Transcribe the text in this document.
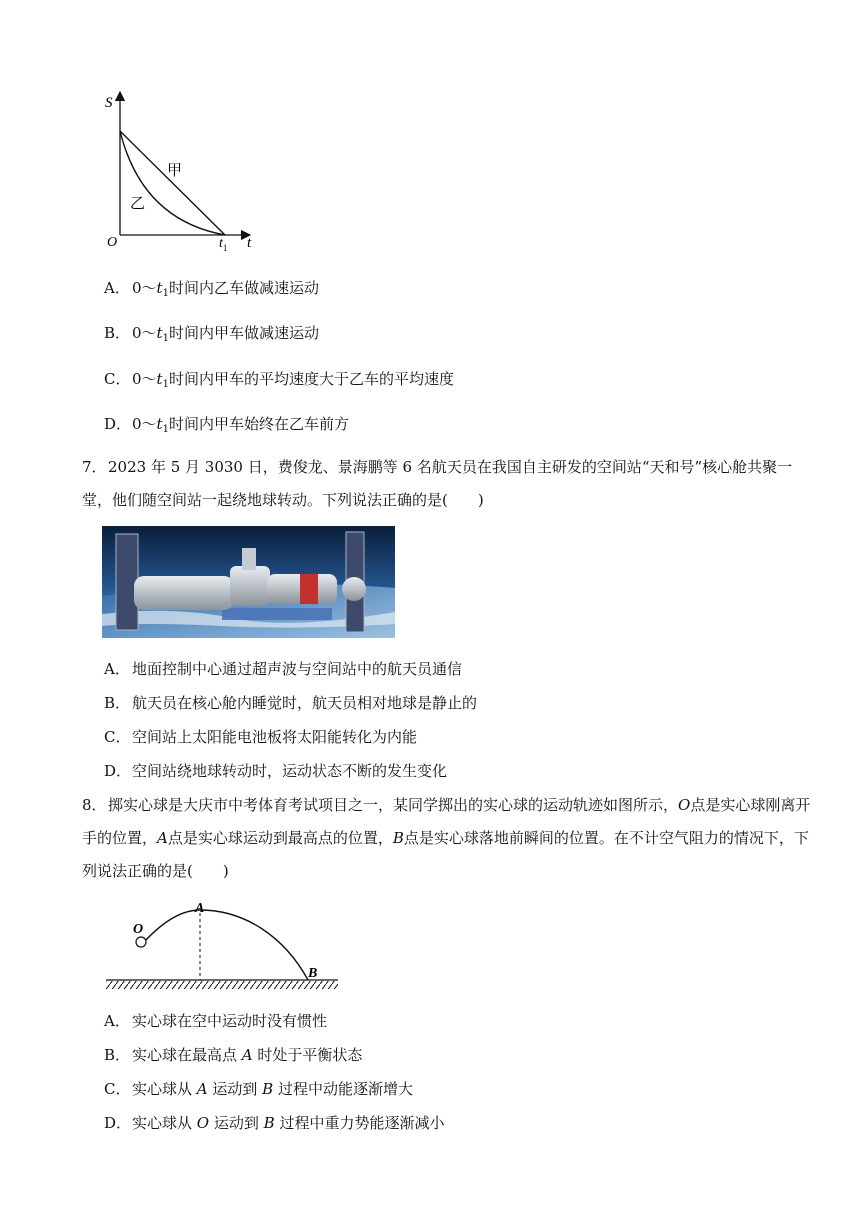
S
O	t
$t_1$
甲
乙
A． $0\sim t_1$时间内乙车做减速运动
B． $0\sim t_1$时间内甲车做减速运动
C． $0\sim t_1$时间内甲车的平均速度大于乙车的平均速度
D．$0\sim t_1$时间内甲车始终在乙车前方
7．2023 年 5 月 3030 日，费俊龙、景海鹏等 6 名航天员在我国自主研发的空间站“天和号”核心舱共聚一堂，他们随空间站一起绕地球转动。下列说法正确的是(　　)
A． 地面控制中心通过超声波与空间站中的航天员通信
B． 航天员在核心舱内睡觉时，航天员相对地球是静止的
C． 空间站上太阳能电池板将太阳能转化为内能
D．空间站绕地球转动时，运动状态不断的发生变化
8．掷实心球是大庆市中考体育考试项目之一，某同学掷出的实心球的运动轨迹如图所示，O点是实心球刚离开手的位置，A点是实心球运动到最高点的位置，B点是实心球落地前瞬间的位置。在不计空气阻力的情况下，下列说法正确的是(　　)
O
A
B
A． 实心球在空中运动时没有惯性
B． 实心球在最高点 A 时处于平衡状态
C． 实心球从 A 运动到 B 过程中动能逐渐增大
D．实心球从 O 运动到 B 过程中重力势能逐渐减小
